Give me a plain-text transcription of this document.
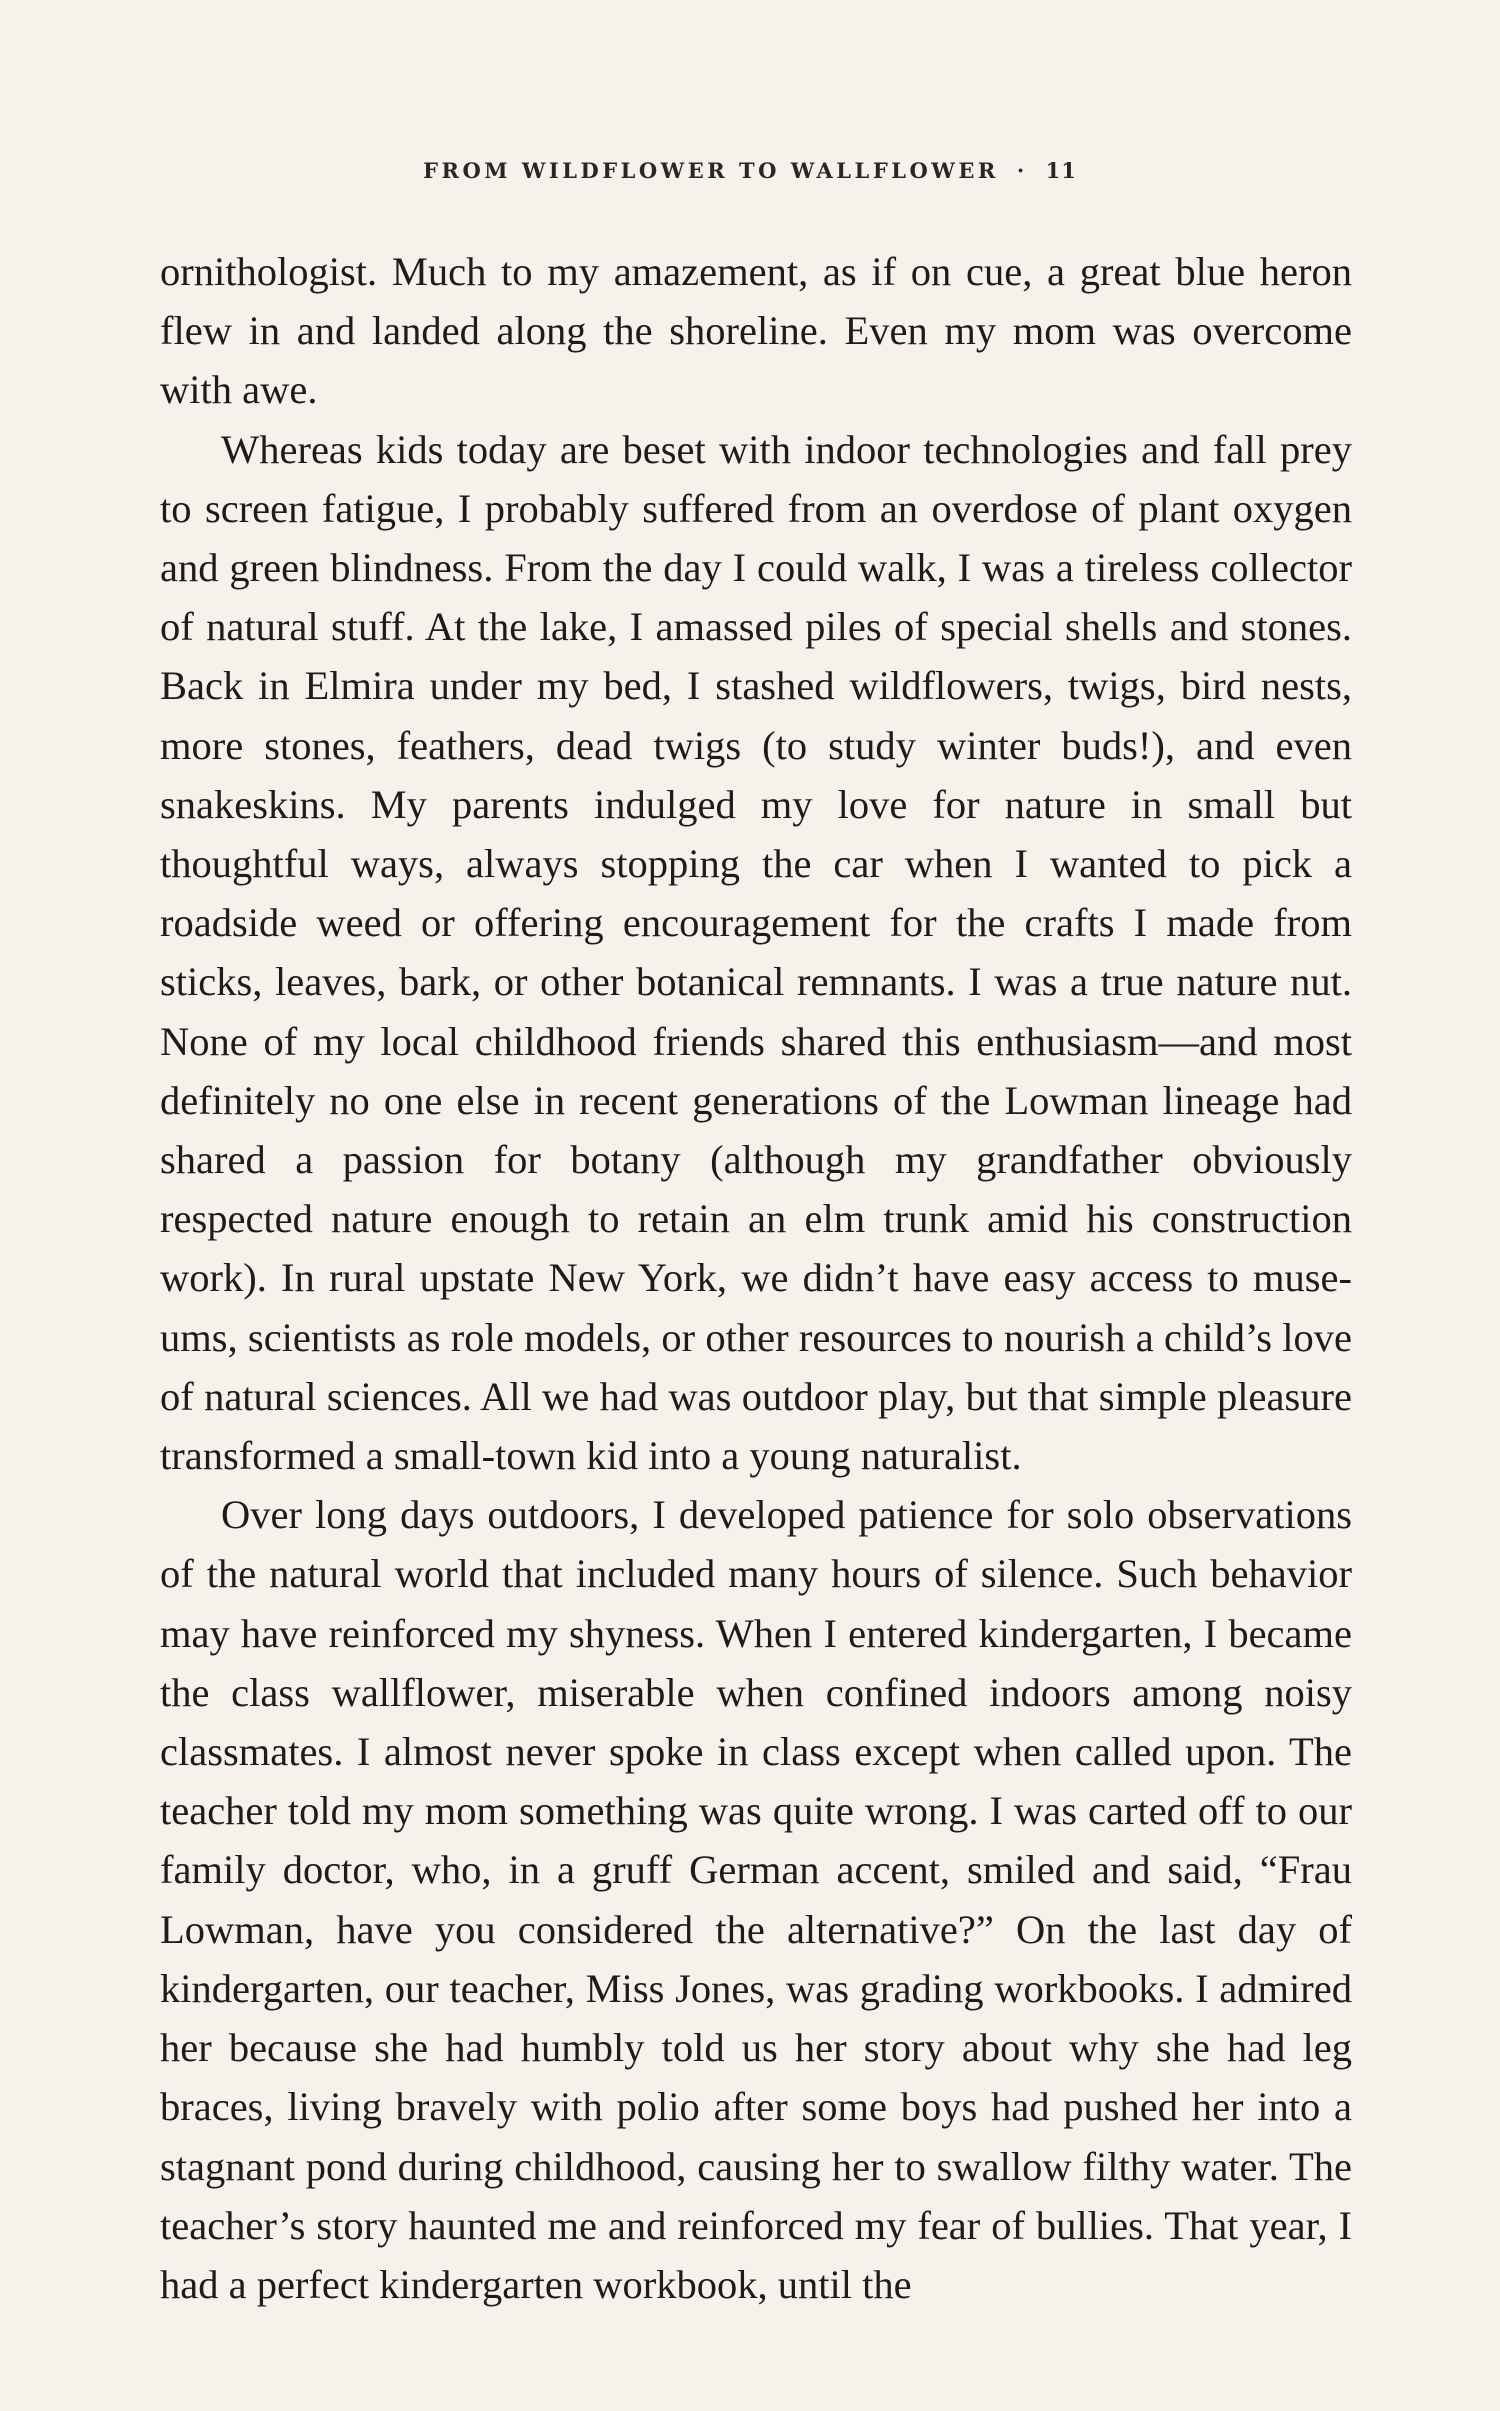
FROM WILDFLOWER TO WALLFLOWER · 11

ornithologist. Much to my amazement, as if on cue, a great blue heron flew in and landed along the shoreline. Even my mom was overcome with awe.

Whereas kids today are beset with indoor technologies and fall prey to screen fatigue, I probably suffered from an overdose of plant oxygen and green blindness. From the day I could walk, I was a tireless collector of natural stuff. At the lake, I amassed piles of special shells and stones. Back in Elmira under my bed, I stashed wildflowers, twigs, bird nests, more stones, feathers, dead twigs (to study winter buds!), and even snakeskins. My parents indulged my love for nature in small but thoughtful ways, always stopping the car when I wanted to pick a roadside weed or offering encouragement for the crafts I made from sticks, leaves, bark, or other botanical remnants. I was a true nature nut. None of my local childhood friends shared this enthusiasm—and most definitely no one else in recent generations of the Lowman lineage had shared a passion for botany (although my grandfather obviously respected nature enough to retain an elm trunk amid his construction work). In rural upstate New York, we didn’t have easy access to museums, scientists as role models, or other resources to nourish a child’s love of natural sciences. All we had was outdoor play, but that simple pleasure transformed a small-town kid into a young naturalist.

Over long days outdoors, I developed patience for solo observations of the natural world that included many hours of silence. Such behavior may have reinforced my shyness. When I entered kindergarten, I became the class wallflower, miserable when confined indoors among noisy classmates. I almost never spoke in class except when called upon. The teacher told my mom something was quite wrong. I was carted off to our family doctor, who, in a gruff German accent, smiled and said, “Frau Lowman, have you considered the alternative?” On the last day of kindergarten, our teacher, Miss Jones, was grading workbooks. I admired her because she had humbly told us her story about why she had leg braces, living bravely with polio after some boys had pushed her into a stagnant pond during childhood, causing her to swallow filthy water. The teacher’s story haunted me and reinforced my fear of bullies. That year, I had a perfect kindergarten workbook, until the
